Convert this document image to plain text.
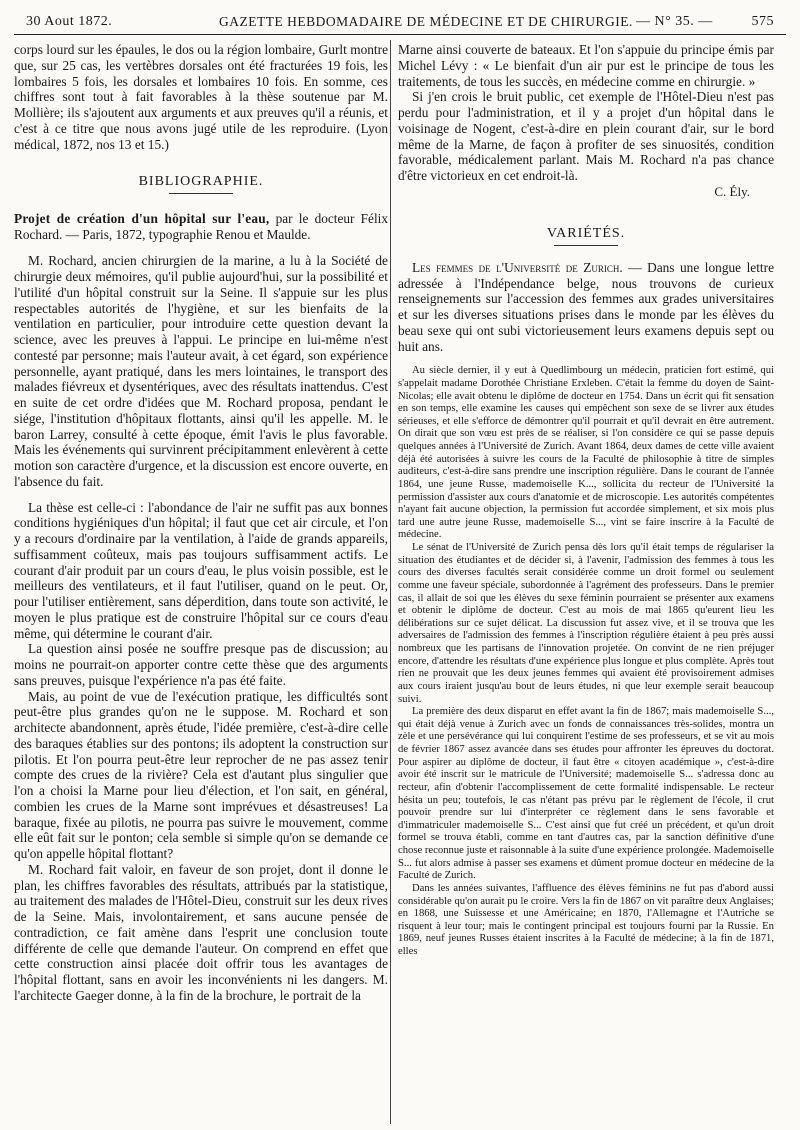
30 Aout 1872.	GAZETTE HEBDOMADAIRE DE MÉDECINE ET DE CHIRURGIE. — N° 35. —	575

corps lourd sur les épaules, le dos ou la région lombaire, Gurlt montre que, sur 25 cas, les vertèbres dorsales ont été fracturées 19 fois, les lombaires 5 fois, les dorsales et lombaires 10 fois. En somme, ces chiffres sont tout à fait favorables à la thèse soutenue par M. Mollière; ils s'ajoutent aux arguments et aux preuves qu'il a réunis, et c'est à ce titre que nous avons jugé utile de les reproduire. (Lyon médical, 1872, nos 13 et 15.)

BIBLIOGRAPHIE.

Projet de création d'un hôpital sur l'eau, par le docteur Félix Rochard. — Paris, 1872, typographie Renou et Maulde.

M. Rochard, ancien chirurgien de la marine, a lu à la Société de chirurgie deux mémoires, qu'il publie aujourd'hui, sur la possibilité et l'utilité d'un hôpital construit sur la Seine. Il s'appuie sur les plus respectables autorités de l'hygiène, et sur les bienfaits de la ventilation en particulier, pour introduire cette question devant la science, avec les preuves à l'appui. Le principe en lui-même n'est contesté par personne; mais l'auteur avait, à cet égard, son expérience personnelle, ayant pratiqué, dans les mers lointaines, le transport des malades fiévreux et dysentériques, avec des résultats inattendus. C'est en suite de cet ordre d'idées que M. Rochard proposa, pendant le siége, l'institution d'hôpitaux flottants, ainsi qu'il les appelle. M. le baron Larrey, consulté à cette époque, émit l'avis le plus favorable. Mais les événements qui survinrent précipitamment enlevèrent à cette motion son caractère d'urgence, et la discussion est encore ouverte, en l'absence du fait.

La thèse est celle-ci : l'abondance de l'air ne suffit pas aux bonnes conditions hygiéniques d'un hôpital; il faut que cet air circule, et l'on y a recours d'ordinaire par la ventilation, à l'aide de grands appareils, suffisamment coûteux, mais pas toujours suffisamment actifs. Le courant d'air produit par un cours d'eau, le plus voisin possible, est le meilleurs des ventilateurs, et il faut l'utiliser, quand on le peut. Or, pour l'utiliser entièrement, sans déperdition, dans toute son activité, le moyen le plus pratique est de construire l'hôpital sur ce cours d'eau même, qui détermine le courant d'air.

La question ainsi posée ne souffre presque pas de discussion; au moins ne pourrait-on apporter contre cette thèse que des arguments sans preuves, puisque l'expérience n'a pas été faite.

Mais, au point de vue de l'exécution pratique, les difficultés sont peut-être plus grandes qu'on ne le suppose. M. Rochard et son architecte abandonnent, après étude, l'idée première, c'est-à-dire celle des baraques établies sur des pontons; ils adoptent la construction sur pilotis. Et l'on pourra peut-être leur reprocher de ne pas assez tenir compte des crues de la rivière? Cela est d'autant plus singulier que l'on a choisi la Marne pour lieu d'élection, et l'on sait, en général, combien les crues de la Marne sont imprévues et désastreuses! La baraque, fixée au pilotis, ne pourra pas suivre le mouvement, comme elle eût fait sur le ponton; cela semble si simple qu'on se demande ce qu'on appelle hôpital flottant?

M. Rochard fait valoir, en faveur de son projet, dont il donne le plan, les chiffres favorables des résultats, attribués par la statistique, au traitement des malades de l'Hôtel-Dieu, construit sur les deux rives de la Seine. Mais, involontairement, et sans aucune pensée de contradiction, ce fait amène dans l'esprit une conclusion toute différente de celle que demande l'auteur. On comprend en effet que cette construction ainsi placée doit offrir tous les avantages de l'hôpital flottant, sans en avoir les inconvénients ni les dangers. M. l'architecte Gaeger donne, à la fin de la brochure, le portrait de la

Marne ainsi couverte de bateaux. Et l'on s'appuie du principe émis par Michel Lévy : « Le bienfait d'un air pur est le principe de tous les traitements, de tous les succès, en médecine comme en chirurgie. »

Si j'en crois le bruit public, cet exemple de l'Hôtel-Dieu n'est pas perdu pour l'administration, et il y a projet d'un hôpital dans le voisinage de Nogent, c'est-à-dire en plein courant d'air, sur le bord même de la Marne, de façon à profiter de ses sinuosités, condition favorable, médicalement parlant. Mais M. Rochard n'a pas chance d'être victorieux en cet endroit-là.

C. Ély.

VARIÉTÉS.

Les femmes de l'Université de Zurich. — Dans une longue lettre adressée à l'Indépendance belge, nous trouvons de curieux renseignements sur l'accession des femmes aux grades universitaires et sur les diverses situations prises dans le monde par les élèves du beau sexe qui ont subi victorieusement leurs examens depuis sept ou huit ans.

Au siècle dernier, il y eut à Quedlimbourg un médecin, praticien fort estimé, qui s'appelait madame Dorothée Christiane Erxleben. C'était la femme du doyen de Saint-Nicolas; elle avait obtenu le diplôme de docteur en 1754. Dans un écrit qui fit sensation en son temps, elle examine les causes qui empêchent son sexe de se livrer aux études sérieuses, et elle s'efforce de démontrer qu'il pourrait et qu'il devrait en être autrement. On dirait que son vœu est près de se réaliser, si l'on considère ce qui se passe depuis quelques années à l'Université de Zurich. Avant 1864, deux dames de cette ville avaient déjà été autorisées à suivre les cours de la Faculté de philosophie à titre de simples auditeurs, c'est-à-dire sans prendre une inscription régulière. Dans le courant de l'année 1864, une jeune Russe, mademoiselle K..., sollicita du recteur de l'Université la permission d'assister aux cours d'anatomie et de microscopie. Les autorités compétentes n'ayant fait aucune objection, la permission fut accordée simplement, et six mois plus tard une autre jeune Russe, mademoiselle S..., vint se faire inscrire à la Faculté de médecine.

Le sénat de l'Université de Zurich pensa dès lors qu'il était temps de régulariser la situation des étudiantes et de décider si, à l'avenir, l'admission des femmes à tous les cours des diverses facultés serait considérée comme un droit formel ou seulement comme une faveur spéciale, subordonnée à l'agrément des professeurs. Dans le premier cas, il allait de soi que les élèves du sexe féminin pourraient se présenter aux examens et obtenir le diplôme de docteur. C'est au mois de mai 1865 qu'eurent lieu les délibérations sur ce sujet délicat. La discussion fut assez vive, et il se trouva que les adversaires de l'admission des femmes à l'inscription régulière étaient à peu près aussi nombreux que les partisans de l'innovation projetée. On convint de ne rien préjuger encore, d'attendre les résultats d'une expérience plus longue et plus complète. Après tout rien ne prouvait que les deux jeunes femmes qui avaient été provisoirement admises aux cours iraient jusqu'au bout de leurs études, ni que leur exemple serait beaucoup suivi.

La première des deux disparut en effet avant la fin de 1867; mais mademoiselle S..., qui était déjà venue à Zurich avec un fonds de connaissances très-solides, montra un zèle et une persévérance qui lui conquirent l'estime de ses professeurs, et se vit au mois de février 1867 assez avancée dans ses études pour affronter les épreuves du doctorat. Pour aspirer au diplôme de docteur, il faut être « citoyen académique », c'est-à-dire avoir été inscrit sur le matricule de l'Université; mademoiselle S... s'adressa donc au recteur, afin d'obtenir l'accomplissement de cette formalité indispensable. Le recteur hésita un peu; toutefois, le cas n'étant pas prévu par le règlement de l'école, il crut pouvoir prendre sur lui d'interpréter ce règlement dans le sens favorable et d'immatriculer mademoiselle S... C'est ainsi que fut créé un précédent, et qu'un droit formel se trouva établi, comme en tant d'autres cas, par la sanction définitive d'une chose reconnue juste et raisonnable à la suite d'une expérience prolongée. Mademoiselle S... fut alors admise à passer ses examens et dûment promue docteur en médecine de la Faculté de Zurich.

Dans les années suivantes, l'affluence des élèves féminins ne fut pas d'abord aussi considérable qu'on aurait pu le croire. Vers la fin de 1867 on vit paraître deux Anglaises; en 1868, une Suissesse et une Américaine; en 1870, l'Allemagne et l'Autriche se risquent à leur tour; mais le contingent principal est toujours fourni par la Russie. En 1869, neuf jeunes Russes étaient inscrites à la Faculté de médecine; à la fin de 1871, elles
